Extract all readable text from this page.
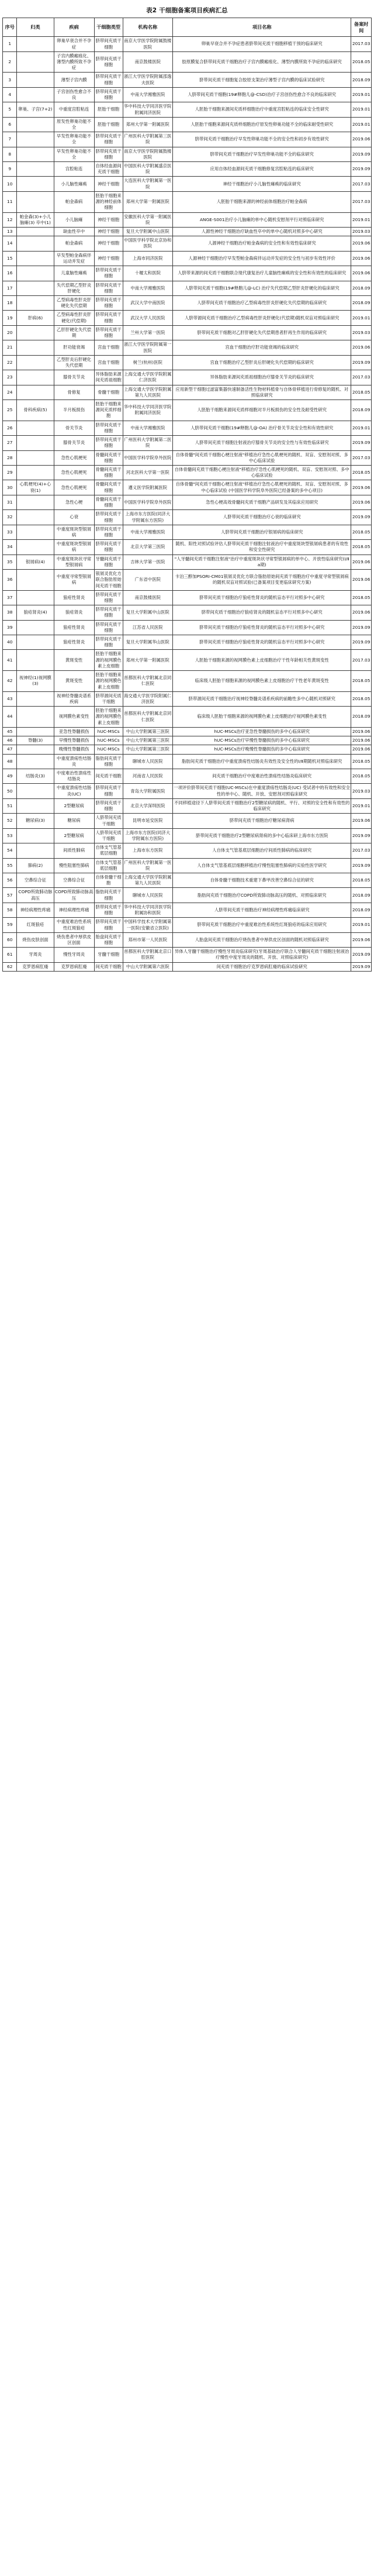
表2 干细胞备案项目疾病汇总
序号	归类	疾病	干细胞类型	机构名称	项目名称	备案时间
1		卵巢早衰合并不孕症	脐带间充质干细胞	南京大学医学院附属鼓楼医院	卵巢早衰合并不孕症患者脐带间充质干细胞移植干预的临床研究	2017.03
2		子宫内膜瘢痕化、薄型内膜所致不孕症	脐带间充质干细胞	南京鼓楼医院	胶原膜复合脐带间充质干细胞治疗子宫内膜瘢痕化、薄型内膜所致不孕症的临床研究	2018.05
3		薄型子宫内膜	脐带间充质干细胞	浙江大学医学院附属邵逸夫医院	脐带间充质干细胞复合胶原支架治疗薄型子宫内膜的临床试验研究	2018.09
4		子宫创伤性愈合不良	脐带间充质干细胞	中南大学湘雅医院	人脐带间充质干细胞(19#释胞儿@-CSD)治疗子宫创伤性愈合不良的临床研究	2019.01
5	卵巢、子宫(7+2)	中重度宫腔粘连	胚胎干细胞	华中科技大学同济医学院附属同济医院	人胚胎干细胞来源间充质样细胞治疗中重度宫腔粘连的临床安全性研究	2019.01
6		原发性卵巢功能不全	胚胎干细胞	郑州大学第一附属医院	人胚胎干细胞来源间充质样细胞治疗原发性卵巢功能不全的临床耐受性研究	2019.01
7		早发性卵巢功能不全	脐带间充质干细胞	广州医科大学附属第三医院	脐带间充质干细胞治疗早发性卵巢功能不全的安全性和初步有效性研究	2019.06
8		早发性卵巢功能不全	脐带间充质干细胞	南京大学医学院附属鼓楼医院	脐带间充质干细胞治疗早发性卵巢功能不全的临床研究	2019.09
9		宫腔粘连	自体经血源间充质干细胞	中国医科大学附属盛京医院	应用自体经血源间充质干细胞修复宫腔粘连的临床研究	2019.09
10		小儿脑性瘫痪	神经干细胞	大连医科大学附属第一医院	神经干细胞治疗小儿脑性瘫痪的临床研究	2017.03
11		帕金森病	胚胎干细胞来源的神经前体细胞	郑州大学第一附属医院	人胚胎干细胞来源的神经前体细胞治疗帕金森病	2017.03
12	帕金森(3)+小儿脑瘫(3) 卒中(1)	小儿脑瘫	神经干细胞	安徽医科大学第一附属医院	ANGE-S001治疗小儿脑瘫的单中心随机安慰剂平行对照临床研究	2019.01
13		缺血性卒中	神经干细胞	复旦大学附属中山医院	人源性神经干细胞治疗缺血性卒中的单中心随机对照多中心研究	2019.03
14		帕金森病	神经干细胞	中国医学科学院北京协和医院	人源神经干细胞治疗帕金森病的安全性和有效性临床研究	2019.06
15		早发型帕金森病伴运动并发症	神经干细胞	上海市同济医院	人源神经干细胞治疗早发型帕金森病伴运动并发症的安全性与初步有效性评价	2019.06
16		儿童脑性瘫痪	脐带间充质干细胞	十堰太和医院	人脐带来源的间充质干细胞联合现代康复治疗儿童脑性瘫痪的安全性和有效性的临床研究	2019.06
17		失代偿期乙型肝炎肝硬化	脐带间充质干细胞	中南大学湘雅医院	人脐带间充质干细胞(19#释胞儿@-LC) 治疗失代偿期乙型肝炎肝硬化的临床研究	2018.09
18		乙型病毒性肝炎肝硬化失代偿期	脐带间充质干细胞	武汉大学中南医院	人脐带间充质干细胞治疗乙型病毒性肝炎肝硬化失代偿期的临床研究	2018.09
19	肝病(6)	乙型病毒性肝炎肝硬化(代偿期)	脐带间充质干细胞	武汉大学人民医院	人脐带源间充质干细胞治疗乙型病毒性肝炎肝硬化(代偿期)随机双盲对照临床研究	2019.01
20		乙肝肝硬化失代偿期	脐带间充质干细胞	兰州大学第一医院	脐带间充质干细胞对乙肝肝硬化失代偿期患者肝再生作用的临床研究	2019.03
21		肝功能衰竭	宫血干细胞	浙江大学医学院附属第一医院	宫血干细胞治疗肝功能衰竭的临床研究	2019.06
22		乙型肝炎后肝硬化失代偿期	宫血干细胞	树兰(杭州)医院	宫血干细胞治疗乙型肝炎后肝硬化失代偿期的临床研究	2019.09
23		膝骨关节炎	异体脂肪来源间充质祖细胞	上海交通大学医学院附属仁济医院	异体脂肪来源间充质祖细胞治疗膝骨关节炎的临床研究	2017.03
24		骨修复	骨髓干细胞	上海交通大学医学院附属第九人民医院	应用新型干细胞过滤富集器快速制备活性生物材料植骨与自体骨移植进行骨修复的随机、对照临床研究	2018.05
25	骨科疾病(5)	半月板损伤	胚胎干细胞来源间充质样细胞	华中科技大学同济医学院附属同济医院	人胚胎干细胞来源间充质样细胞对半月板损伤的安全性及耐受性研究	2018.09
26		骨关节炎	脐带间充质干细胞	中南大学湘雅医院	人脐带间充质干细胞(19#释胞儿@-OA) 治疗骨关节炎安全性和有效性研究	2019.01
27		膝骨关节炎	脐带间充质干细胞	广州医科大学附属第二医院	人脐带间充质干细胞注射液治疗膝骨关节炎的安全性与有效性临床研究	2019.09
28		急性心肌梗死	骨髓间充质干细胞	中国医学科学院阜外医院	自体骨髓"间充质干细胞心梗注射液"移植治疗急性心肌梗死的随机、双盲、安慰剂对照、多中心临床试验	2017.03
29		急性心肌梗死	骨髓间充质干细胞	河北医科大学第一医院	自体骨髓间充质干细胞心梗注射液"移植治疗急性心肌梗死的随机、双盲、安慰剂对照、多中心临床试验	2018.05
30	心肌梗死(4)+心衰(1)	急性心肌梗死	骨髓间充质干细胞	遵义医学院附属医院	自体骨髓"间充质干细胞心梗注射液"移植治疗急性心肌梗死的随机、双盲、安慰剂对照、多中心临床试验 (中国医学科学院阜外医院已经备案的多中心项目)	2019.06
31		急性心梗	骨髓间充质干细胞	中国医学科学院阜外医院	急性心梗高效骨髓间充质干细胞产品研发及其临床应用研究	2019.06
32		心衰	脐带间充质干细胞	上海市东方医院(同济大学附属东方医院)	人脐带间充质干细胞治疗心衰的临床研究	2019.09
33		中重度斑块型银屑病	脐带间充质干细胞	中南大学湘雅医院	人脐带间充质干细胞治疗银屑病的临床研究	2018.05
34		中重度斑块型银屑病	脐带间充质干细胞	北京大学第三医院	随机、阳性对照试验评估人脐带间充质干细胞注射液治疗中重度斑块型银屑病患者的有效性和安全性研究	2018.05
35	银屑病(4)	中重度斑块状寻常型银屑病	牙髓间充质干细胞	吉林大学第一医院	"人牙髓间充质干细胞注射液"治疗中重度斑块状寻常型银屑病的单中心、开放性临床研究(Ⅰ/Ⅱa期)	2019.06
36		中重度寻常型银屑病	银屑灵优化方联合脂肪原始间充质干细胞	广东省中医院	卡泊三醇加PSORI-CM01银屑灵优化方联合脂肪原始间充质干细胞治疗中重度寻常型银屑病的随机双盲对照试验(已备案项目变更临床研究方案)	2019.06
37		狼疮性肾炎	脐带间充质干细胞	南京鼓楼医院	脐带间充质干细胞治疗狼疮性肾炎的随机盲态平行对照多中心研究	2018.05
38	狼疮肾炎(4)	狼疮肾炎	脐带间充质干细胞	复旦大学附属中山医院	脐带间充质干细胞治疗狼疮肾炎的随机盲态平行对照多中心研究	2019.06
39		狼疮性肾炎	脐带间充质干细胞	江苏省人民医院	脐带间充质干细胞治疗狼疮性肾炎的随机盲态平行对照多中心研究	2019.09
40		狼疮性肾炎	脐带间充质干细胞	复旦大学附属华山医院	脐带间充质干细胞治疗狼疮性肾炎的随机盲态平行对照多中心研究	2019.09
41		黄斑变性	胚胎干细胞来源的视网膜色素上皮细胞	郑州大学第一附属医院	人胚胎干细胞来源的视网膜色素上皮细胞治疗干性年龄相关性黄斑变性	2017.03
42	视神经(1)视网膜(3)	黄斑变性	胚胎干细胞来源的视网膜色素上皮细胞	首都医科大学附属北京同仁医院	临床级人胚胎干细胞来源的视网膜色素上皮细胞治疗干性老年黄斑变性	2018.05
43		视神经脊髓炎谱系疾病	脐带源间充质干细胞	海交通大学医学院附属仁济医院	脐带源间充质干细胞治疗视神经脊髓炎谱系疾病的前瞻性多中心随机对照研究	2018.05
44		视网膜色素变性	胚胎干细胞来源的视网膜色素上皮细胞	首都医科大学附属北京同仁医院	临床级人胚胎干细胞来源的视网膜色素上皮细胞治疗视网膜色素变性	2018.09
45		亚急性脊髓损伤	hUC-MSCs	中山大学附属第三医院	hUC-MSCs治疗亚急性脊髓损伤的多中心临床研究	2019.06
46	脊髓(3)	早慢性脊髓损伤	hUC-MSCs	中山大学附属第三医院	hUC-MSCs治疗早慢性脊髓损伤的多中心临床研究	2019.06
47		晚慢性脊髓损伤	hUC-MSCs	中山大学附属第三医院	hUC-MSCs治疗晚慢性脊髓损伤的多中心临床研究	2019.06
48		中重度溃疡性结肠炎	脂肪间充质干细胞	聊城市人民医院	脂肪间充质干细胞治疗中重度溃疡性结肠炎有效性及安全性的Ⅰ/Ⅱ期随机对照临床研究	2018.05
49	结肠炎(3)	中度难治性溃疡性结肠炎	间充质干细胞	河南省人民医院	间充质干细胞治疗中度难治性溃疡性结肠炎临床研究	2018.05
50		中重度溃疡性结肠炎(UC)	脐带间充质干细胞	青岛大学附属医院	一项评价脐带间充质干细胞(UC-MSCs)在中重度溃疡性结肠炎(UC) 受试者中的有效性和安全性的单中心、随机、开放、安慰剂对照临床研究	2019.03
51		2型糖尿病	脐带间充质干细胞	北京大学深圳医院	不同移植途径下人脐带间充质干细胞治疗2型糖尿病的随机、平行、对照的安全性和有效性的临床研究	2019.01
52	糖尿病(3)	糖尿病	人脐带间充质干细胞	昆明市延安医院	脐带间充质干细胞治疗糖尿病肾病	2019.06
53		2型糖尿病	人脐带间充质干细胞	上海市东方医院(同济大学附属东方医院)	脐带间充质干细胞治疗2型糖尿病肾病的多中心临床研上海市东方医院	2019.09
54		间质性肺病	自体支气管基底层细胞	上海市东方医院	人自体支气管基底层细胞治疗间质性肺病的临床研究	2017.03
55	肺病(2)	慢性阻塞性肺病	自体支气管基底层细胞	广州医科大学附属第一医院	人自体支气管基底层细胞移植治疗慢性阻塞性肺病的实验性医学研究	2019.09
56	空鼻综合征	空鼻综合征	自体骨髓干细胞	上海交通大学医学院附属第九人民医院	自体骨髓干细胞技术重建下鼻甲改善空鼻综合征的研究	2018.05
57	COPD所致肺动脉高压	COPD所致肺动脉高压	脂肪间充质干细胞	聊城市人民医院	脂肪间充质干细胞治疗COPD所致肺动脉高压的随机、对照临床研究	2018.09
58	神经病理性疼痛	神经病理性疼痛	脐带间充质干细胞	华中科技大学同济医学院附属协和医院	人脐带间充质干细胞治疗神经病理性疼痛临床研究	2018.09
59	红斑狼疮	中重度难治性系统性红斑狼疮	脐带间充质干细胞	中国科学技术大学附属第一医院(安徽省立医院)	脐带间充质干细胞治疗中重度难治性系统性红斑狼疮的临床应用研究	2019.01
60	烧伤皮肤创面	烧伤患者中厚供皮区创面	胎盘间充质干细胞	郑州市第一人民医院	人胎盘间充质干细胞治疗烧伤患者中厚供皮区创面的随机对照临床研究	2019.06
61	牙周炎	慢性牙周炎	牙髓干细胞	首都医科大学附属北京口腔医院	异体人牙髓干细胞治疗慢性牙周炎临床研究(牙周基础治疗联合人牙髓间充质干细胞注射液治疗慢性中度牙周炎的随机、开放、对照临床研究)	2019.09
62	克罗恩病肛瘘	克罗恩病肛瘘	间充质干细胞	中山大学附属第六医院	间充质干细胞治疗克罗恩病肛瘘的临床试验研究	2019.09
